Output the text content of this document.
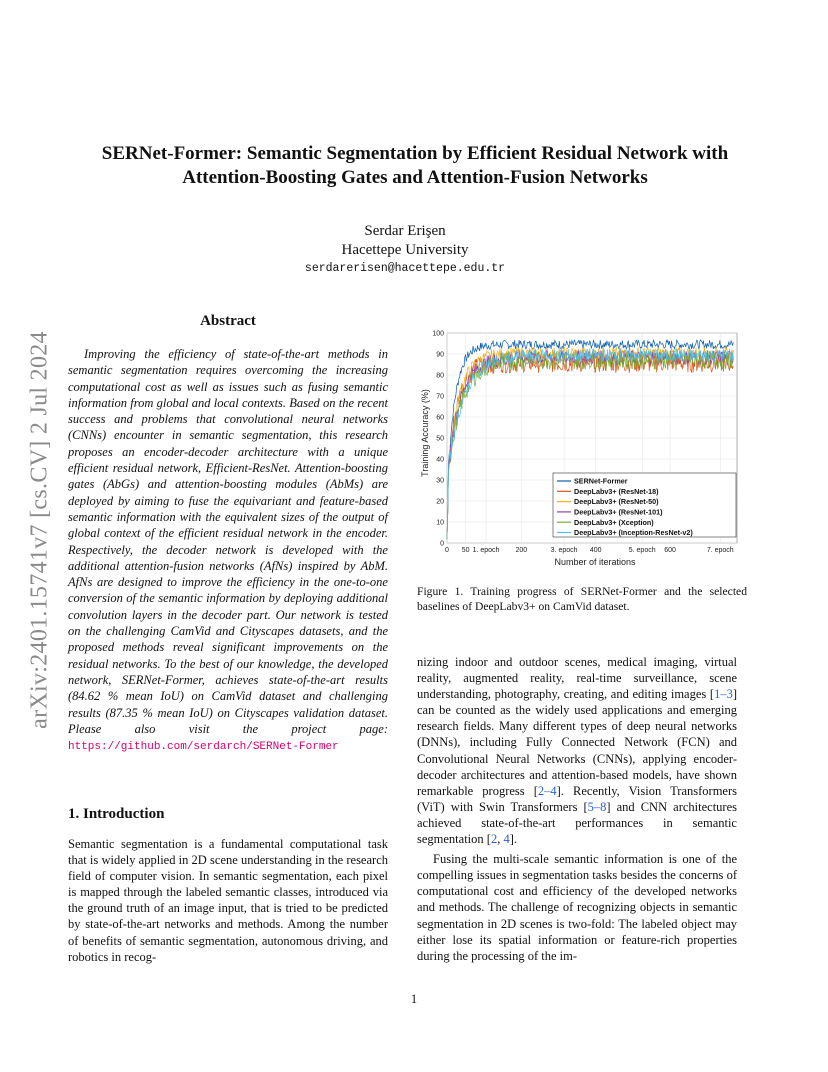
arXiv:2401.15741v7 [cs.CV] 2 Jul 2024
SERNet-Former: Semantic Segmentation by Efficient Residual Network with
Attention-Boosting Gates and Attention-Fusion Networks
Serdar Erişen
Hacettepe University
serdarerisen@hacettepe.edu.tr
Abstract

Improving the efficiency of state-of-the-art methods in semantic segmentation requires overcoming the increasing computational cost as well as issues such as fusing semantic information from global and local contexts. Based on the recent success and problems that convolutional neural networks (CNNs) encounter in semantic segmentation, this research proposes an encoder-decoder architecture with a unique efficient residual network, Efficient-ResNet. Attention-boosting gates (AbGs) and attention-boosting modules (AbMs) are deployed by aiming to fuse the equivariant and feature-based semantic information with the equivalent sizes of the output of global context of the efficient residual network in the encoder. Respectively, the decoder network is developed with the additional attention-fusion networks (AfNs) inspired by AbM. AfNs are designed to improve the efficiency in the one-to-one conversion of the semantic information by deploying additional convolution layers in the decoder part. Our network is tested on the challenging CamVid and Cityscapes datasets, and the proposed methods reveal significant improvements on the residual networks. To the best of our knowledge, the developed network, SERNet-Former, achieves state-of-the-art results (84.62 % mean IoU) on CamVid dataset and challenging results (87.35 % mean IoU) on Cityscapes validation dataset. Please also visit the project page: https://github.com/serdarch/SERNet-Former

1. Introduction

Semantic segmentation is a fundamental computational task that is widely applied in 2D scene understanding in the research field of computer vision. In semantic segmentation, each pixel is mapped through the labeled semantic classes, introduced via the ground truth of an image input, that is tried to be predicted by state-of-the-art networks and methods. Among the number of benefits of semantic segmentation, autonomous driving, and robotics in recog-

0
10
20
30
40
50
60
70
80
90
100
0 50 1. epoch 200	3. epoch 400	5. epoch 600	7. epoch
Training Accuracy (%)
Number of iterations
SERNet-Former
DeepLabv3+ (ResNet-18)
DeepLabv3+ (ResNet-50)
DeepLabv3+ (ResNet-101)
DeepLabv3+ (Xception)
DeepLabv3+ (Inception-ResNet-v2)

Figure 1. Training progress of SERNet-Former and the selected baselines of DeepLabv3+ on CamVid dataset.

nizing indoor and outdoor scenes, medical imaging, virtual reality, augmented reality, real-time surveillance, scene understanding, photography, creating, and editing images [1–3] can be counted as the widely used applications and emerging research fields. Many different types of deep neural networks (DNNs), including Fully Connected Network (FCN) and Convolutional Neural Networks (CNNs), applying encoder-decoder architectures and attention-based models, have shown remarkable progress [2–4]. Recently, Vision Transformers (ViT) with Swin Transformers [5–8] and CNN architectures achieved state-of-the-art performances in semantic segmentation [2, 4].

Fusing the multi-scale semantic information is one of the compelling issues in segmentation tasks besides the concerns of computational cost and efficiency of the developed networks and methods. The challenge of recognizing objects in semantic segmentation in 2D scenes is two-fold: The labeled object may either lose its spatial information or feature-rich properties during the processing of the im-

1
